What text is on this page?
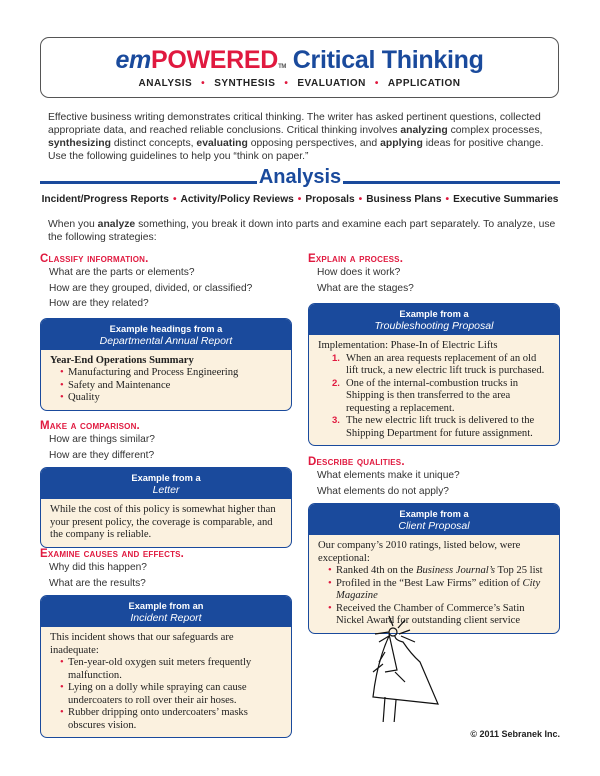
emPOWEREDTM Critical Thinking
ANALYSIS • SYNTHESIS • EVALUATION • APPLICATION

Effective business writing demonstrates critical thinking. The writer has asked pertinent questions, collected appropriate data, and reached reliable conclusions. Critical thinking involves analyzing complex processes, synthesizing distinct concepts, evaluating opposing perspectives, and applying ideas for positive change. Use the following guidelines to help you “think on paper.”

Analysis
Incident/Progress Reports • Activity/Policy Reviews • Proposals • Business Plans • Executive Summaries

When you analyze something, you break it down into parts and examine each part separately. To analyze, use the following strategies:

Classify information.
What are the parts or elements?
How are they grouped, divided, or classified?
How are they related?
Example headings from a
Departmental Annual Report
Year-End Operations Summary
• Manufacturing and Process Engineering
• Safety and Maintenance
• Quality
Make a comparison.
How are things similar?
How are they different?
Example from a
Letter
While the cost of this policy is somewhat higher than your present policy, the coverage is comparable, and the company is reliable.
Examine causes and effects.
Why did this happen?
What are the results?
Example from an
Incident Report
This incident shows that our safeguards are inadequate:
• Ten-year-old oxygen suit meters frequently malfunction.
• Lying on a dolly while spraying can cause undercoaters to roll over their air hoses.
• Rubber dripping onto undercoaters’ masks obscures vision.
Explain a process.
How does it work?
What are the stages?
Example from a
Troubleshooting Proposal
Implementation: Phase-In of Electric Lifts
1. When an area requests replacement of an old lift truck, a new electric lift truck is purchased.
2. One of the internal-combustion trucks in Shipping is then transferred to the area requesting a replacement.
3. The new electric lift truck is delivered to the Shipping Department for future assignment.
Describe qualities.
What elements make it unique?
What elements do not apply?
Example from a
Client Proposal
Our company’s 2010 ratings, listed below, were exceptional:
• Ranked 4th on the Business Journal’s Top 25 list
• Profiled in the “Best Law Firms” edition of City Magazine
• Received the Chamber of Commerce’s Satin Nickel Award for outstanding client service
© 2011 Sebranek Inc.
